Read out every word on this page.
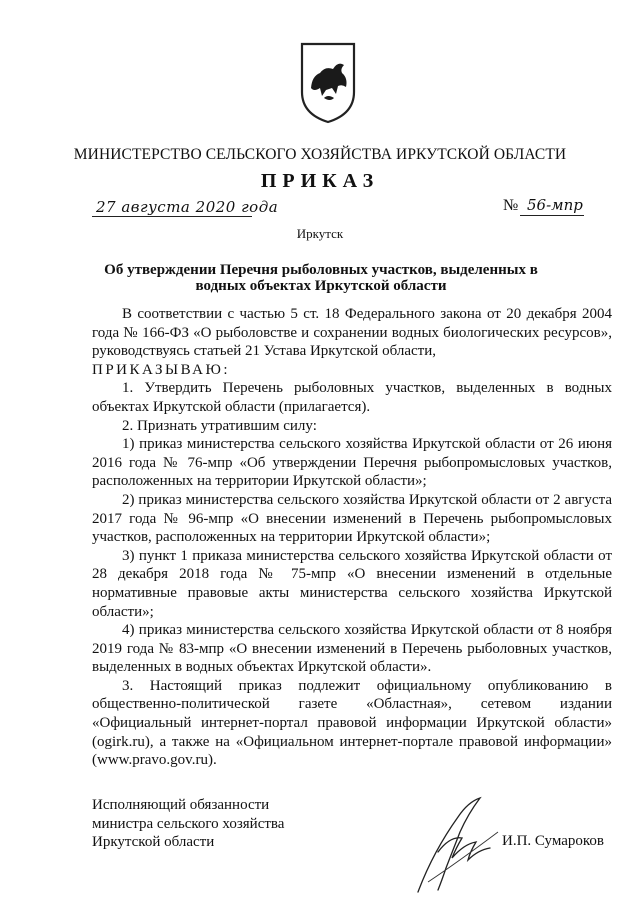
МИНИСТЕРСТВО СЕЛЬСКОГО ХОЗЯЙСТВА ИРКУТСКОЙ ОБЛАСТИ
ПРИКАЗ
27 августа 2020 года	№ 56-мпр
Иркутск
Об утверждении Перечня рыболовных участков, выделенных в водных объектах Иркутской области

В соответствии с частью 5 ст. 18 Федерального закона от 20 декабря 2004 года № 166-ФЗ «О рыболовстве и сохранении водных биологических ресурсов», руководствуясь статьей 21 Устава Иркутской области,

ПРИКАЗЫВАЮ:

1. Утвердить Перечень рыболовных участков, выделенных в водных объектах Иркутской области (прилагается).

2. Признать утратившим силу:

1) приказ министерства сельского хозяйства Иркутской области от 26 июня 2016 года № 76-мпр «Об утверждении Перечня рыбопромысловых участков, расположенных на территории Иркутской области»;

2) приказ министерства сельского хозяйства Иркутской области от 2 августа 2017 года № 96-мпр «О внесении изменений в Перечень рыбопромысловых участков, расположенных на территории Иркутской области»;

3) пункт 1 приказа министерства сельского хозяйства Иркутской области от 28 декабря 2018 года № 75-мпр «О внесении изменений в отдельные нормативные правовые акты министерства сельского хозяйства Иркутской области»;

4) приказ министерства сельского хозяйства Иркутской области от 8 ноября 2019 года № 83-мпр «О внесении изменений в Перечень рыболовных участков, выделенных в водных объектах Иркутской области».

3. Настоящий приказ подлежит официальному опубликованию в общественно-политической газете «Областная», сетевом издании «Официальный интернет-портал правовой информации Иркутской области» (ogirk.ru), а также на «Официальном интернет-портале правовой информации» (www.pravo.gov.ru).

Исполняющий обязанности
министра сельского хозяйства
Иркутской области	И.П. Сумароков
